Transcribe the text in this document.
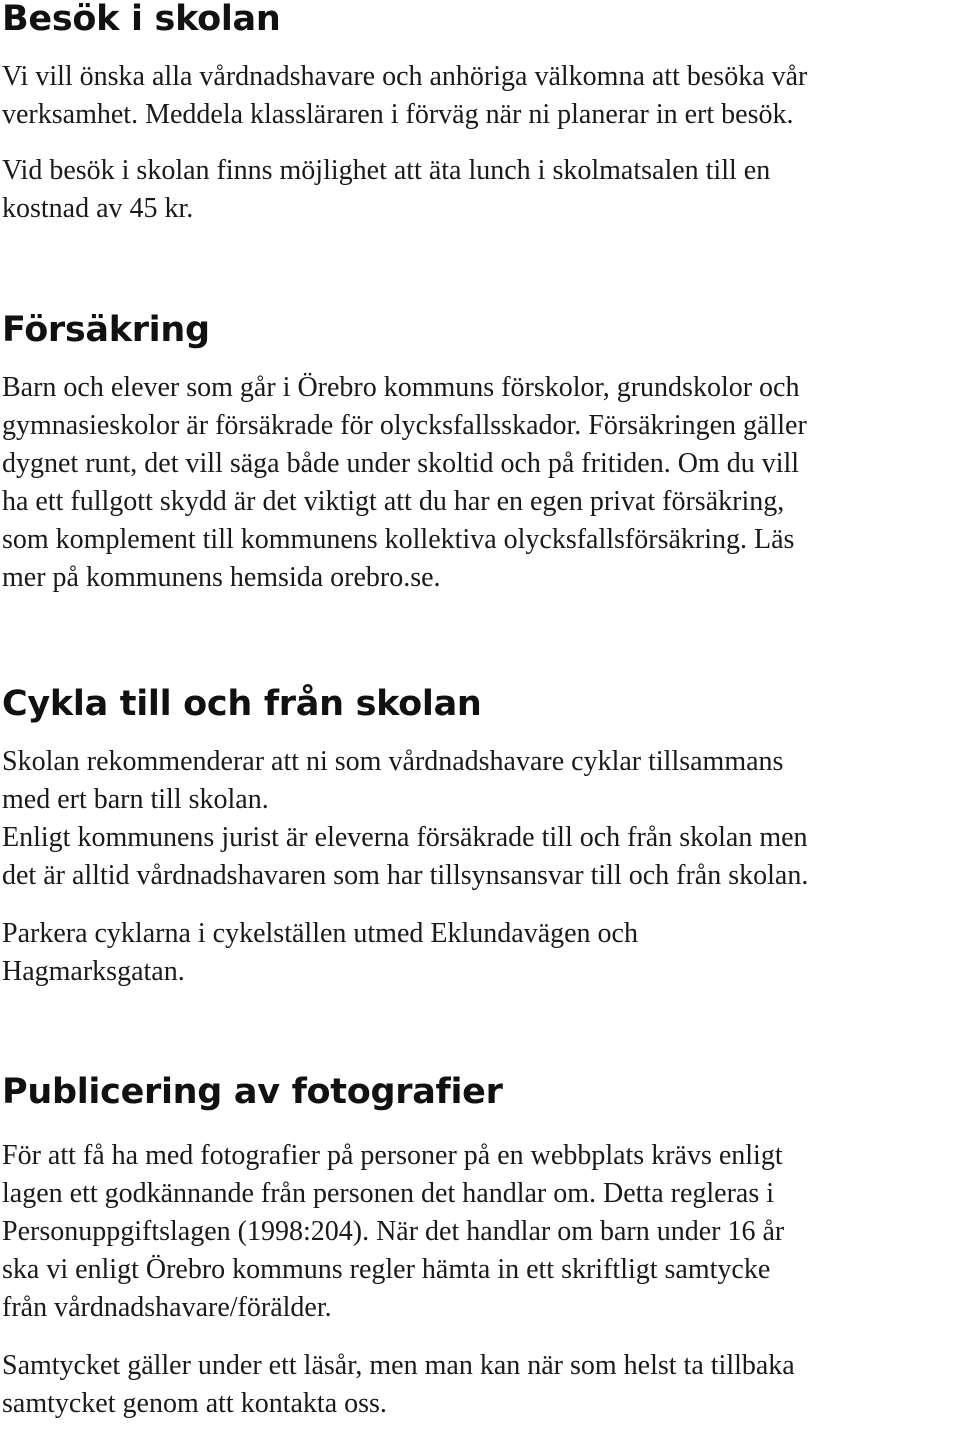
Besök i skolan

Vi vill önska alla vårdnadshavare och anhöriga välkomna att besöka vår
verksamhet. Meddela klassläraren i förväg när ni planerar in ert besök.

Vid besök i skolan finns möjlighet att äta lunch i skolmatsalen till en
kostnad av 45 kr.

Försäkring

Barn och elever som går i Örebro kommuns förskolor, grundskolor och
gymnasieskolor är försäkrade för olycksfallsskador. Försäkringen gäller
dygnet runt, det vill säga både under skoltid och på fritiden. Om du vill
ha ett fullgott skydd är det viktigt att du har en egen privat försäkring,
som komplement till kommunens kollektiva olycksfallsförsäkring. Läs
mer på kommunens hemsida orebro.se.

Cykla till och från skolan

Skolan rekommenderar att ni som vårdnadshavare cyklar tillsammans
med ert barn till skolan.
Enligt kommunens jurist är eleverna försäkrade till och från skolan men
det är alltid vårdnadshavaren som har tillsynsansvar till och från skolan.

Parkera cyklarna i cykelställen utmed Eklundavägen och
Hagmarksgatan.

Publicering av fotografier

För att få ha med fotografier på personer på en webbplats krävs enligt
lagen ett godkännande från personen det handlar om. Detta regleras i
Personuppgiftslagen (1998:204). När det handlar om barn under 16 år
ska vi enligt Örebro kommuns regler hämta in ett skriftligt samtycke
från vårdnadshavare/förälder.

Samtycket gäller under ett läsår, men man kan när som helst ta tillbaka
samtycket genom att kontakta oss.
